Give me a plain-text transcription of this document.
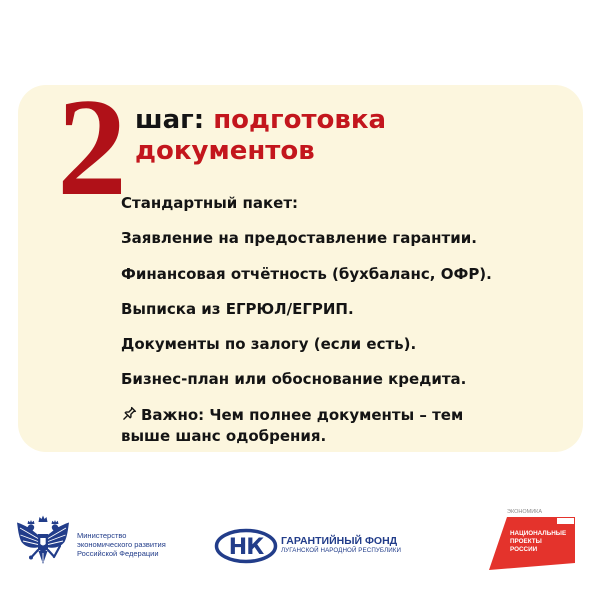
2 шаг: подготовка документов
Стандартный пакет:
Заявление на предоставление гарантии.
Финансовая отчётность (бухбаланс, ОФР).
Выписка из ЕГРЮЛ/ЕГРИП.
Документы по залогу (если есть).
Бизнес-план или обоснование кредита.
Важно: Чем полнее документы – тем выше шанс одобрения.
Министерство
экономического развития
Российской Федерации	НК ГАРАНТИЙНЫЙ ФОНД
ЛУГАНСКОЙ НАРОДНОЙ РЕСПУБЛИКИ
ЭКОНОМИКА
НАЦИОНАЛЬНЫЕ
ПРОЕКТЫ
РОССИИ
